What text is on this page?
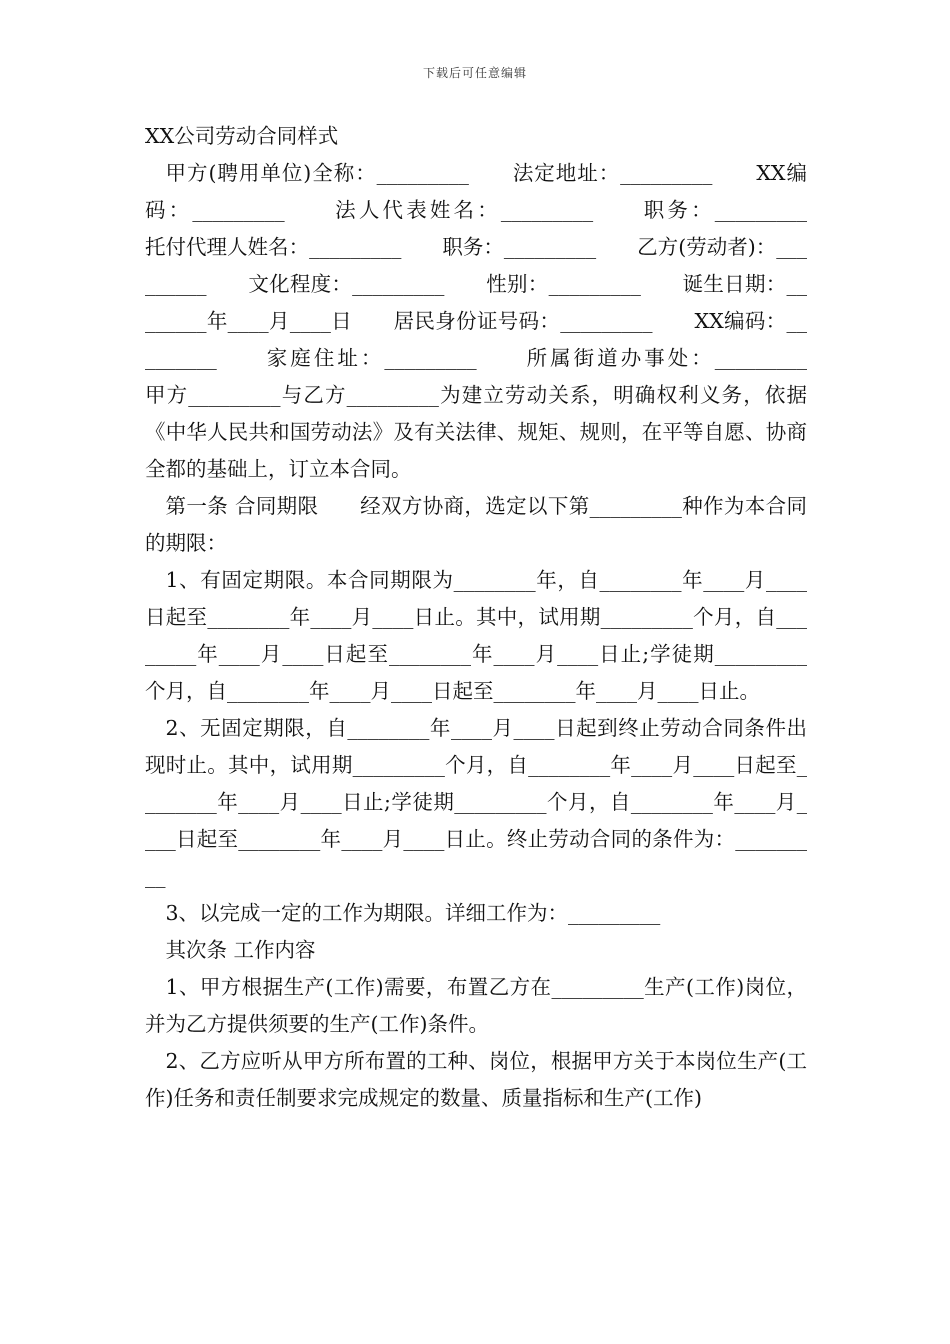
下载后可任意编辑

XX公司劳动合同样式

甲方(聘用单位)全称：_________　　法定地址：_________　　XX编码：_________　　法人代表姓名：_________　　职务：_________　　托付代理人姓名：_________　　职务：_________　　乙方(劳动者)：_________　　文化程度：_________　　性别：_________　　诞生日期：________年____月____日　　居民身份证号码：_________　　XX编码：_________　　家庭住址：_________　　所属街道办事处：_________　　甲方_________与乙方_________为建立劳动关系，明确权利义务，依据《中华人民共和国劳动法》及有关法律、规矩、规则，在平等自愿、协商全都的基础上，订立本合同。

第一条 合同期限　　经双方协商，选定以下第_________种作为本合同的期限：

1、有固定期限。本合同期限为________年，自________年____月____日起至________年____月____日止。其中，试用期_________个月，自________年____月____日起至________年____月____日止;学徒期_________个月，自________年____月____日起至________年____月____日止。

2、无固定期限，自________年____月____日起到终止劳动合同条件出现时止。其中，试用期_________个月，自________年____月____日起至________年____月____日止;学徒期_________个月，自________年____月____日起至________年____月____日止。终止劳动合同的条件为：_________

3、以完成一定的工作为期限。详细工作为：_________

其次条 工作内容

1、甲方根据生产(工作)需要，布置乙方在_________生产(工作)岗位，并为乙方提供须要的生产(工作)条件。

2、乙方应听从甲方所布置的工种、岗位，根据甲方关于本岗位生产(工作)任务和责任制要求完成规定的数量、质量指标和生产(工作)
